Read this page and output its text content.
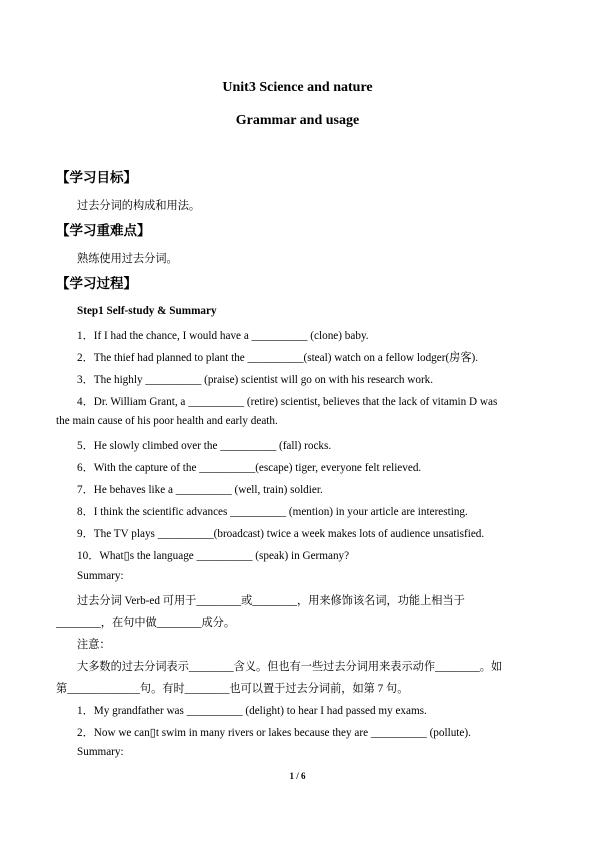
Unit3 Science and nature
Grammar and usage
【学习目标】
过去分词的构成和用法。
【学习重难点】
熟练使用过去分词。
【学习过程】
Step1 Self-study & Summary
1．If I had the chance, I would have a __________ (clone) baby.
2．The thief had planned to plant the __________(steal) watch on a fellow lodger(房客).
3．The highly __________ (praise) scientist will go on with his research work.
4．Dr. William Grant, a __________ (retire) scientist, believes that the lack of vitamin D was
the main cause of his poor health and early death.
5．He slowly climbed over the __________ (fall) rocks.
6．With the capture of the __________(escape) tiger, everyone felt relieved.
7．He behaves like a __________ (well, train) soldier.
8．I think the scientific advances __________ (mention) in your article are interesting.
9．The TV plays __________(broadcast) twice a week makes lots of audience unsatisfied.
10．What▯s the language __________ (speak) in Germany?
Summary:
过去分词 Verb-ed 可用于________或________，用来修饰该名词，功能上相当于
________，在句中做________成分。
注意：
大多数的过去分词表示________含义。但也有一些过去分词用来表示动作________。如
第_____________句。有时________也可以置于过去分词前，如第 7 句。
1．My grandfather was __________ (delight) to hear I had passed my exams.
2．Now we can▯t swim in many rivers or lakes because they are __________ (pollute).
Summary:
1 / 6
